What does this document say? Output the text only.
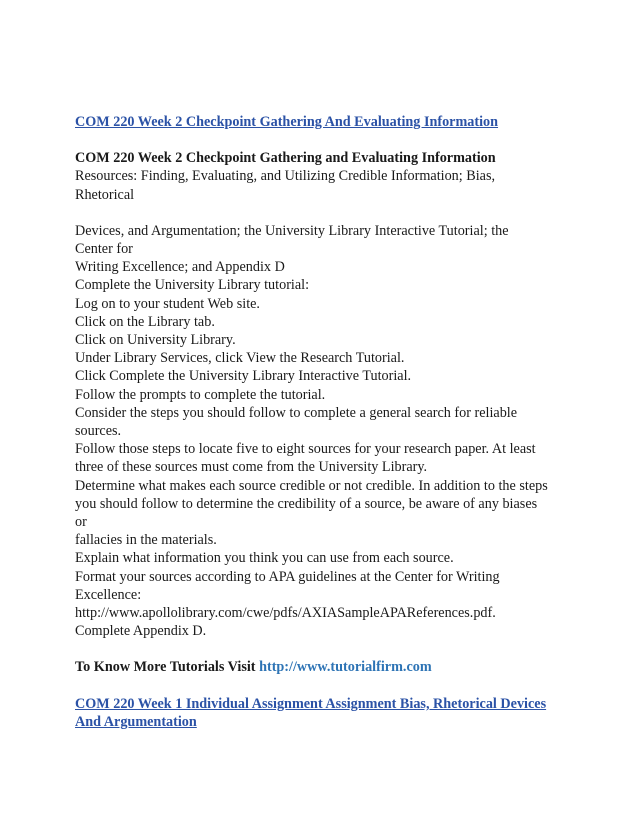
COM 220 Week 2 Checkpoint Gathering And Evaluating Information
COM 220 Week 2 Checkpoint Gathering and Evaluating Information
Resources: Finding, Evaluating, and Utilizing Credible Information; Bias,
Rhetorical
Devices, and Argumentation; the University Library Interactive Tutorial; the
Center for
Writing Excellence; and Appendix D
Complete the University Library tutorial:
Log on to your student Web site.
Click on the Library tab.
Click on University Library.
Under Library Services, click View the Research Tutorial.
Click Complete the University Library Interactive Tutorial.
Follow the prompts to complete the tutorial.
Consider the steps you should follow to complete a general search for reliable
sources.
Follow those steps to locate five to eight sources for your research paper. At least
three of these sources must come from the University Library.
Determine what makes each source credible or not credible. In addition to the steps
you should follow to determine the credibility of a source, be aware of any biases
or
fallacies in the materials.
Explain what information you think you can use from each source.
Format your sources according to APA guidelines at the Center for Writing
Excellence:
http://www.apollolibrary.com/cwe/pdfs/AXIASampleAPAReferences.pdf.
Complete Appendix D.
To Know More Tutorials Visit http://www.tutorialfirm.com
COM 220 Week 1 Individual Assignment Assignment Bias, Rhetorical Devices
And Argumentation
